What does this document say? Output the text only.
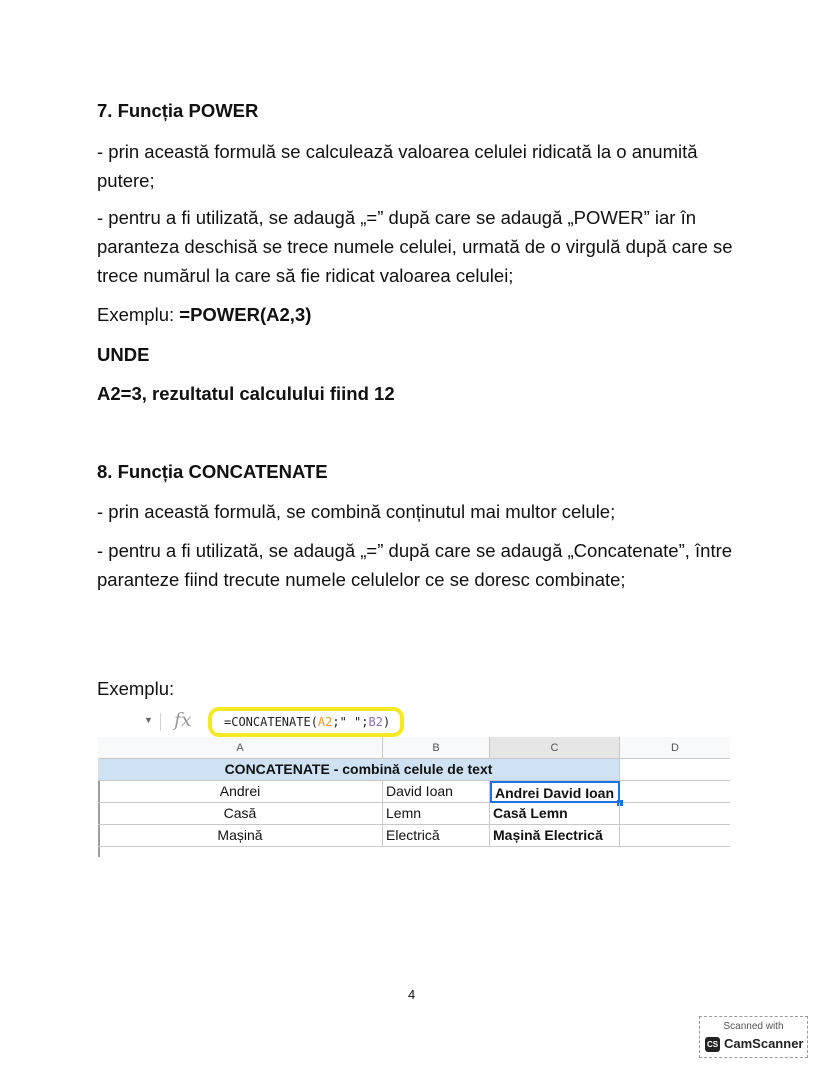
7. Funcția POWER

- prin această formulă se calculează valoarea celulei ridicată la o anumită putere;

- pentru a fi utilizată, se adaugă „=” după care se adaugă „POWER” iar în paranteza deschisă se trece numele celulei, urmată de o virgulă după care se trece numărul la care să fie ridicat valoarea celulei;

Exemplu: =POWER(A2,3)

UNDE

A2=3, rezultatul calculului fiind 12

8. Funcția CONCATENATE

- prin această formulă, se combină conținutul mai multor celule;

- pentru a fi utilizată, se adaugă „=” după care se adaugă „Concatenate”, între paranteze fiind trecute numele celulelor ce se doresc combinate;

Exemplu:

▼ fx	=CONCATENATE(A2;" ";B2)
A	B	C	D
CONCATENATE - combină celule de text
Andrei	David Ioan	Andrei David Ioan
Casă	Lemn	Casă Lemn
Mașină	Electrică	Mașină Electrică
4
Scanned with
CS CamScanner
